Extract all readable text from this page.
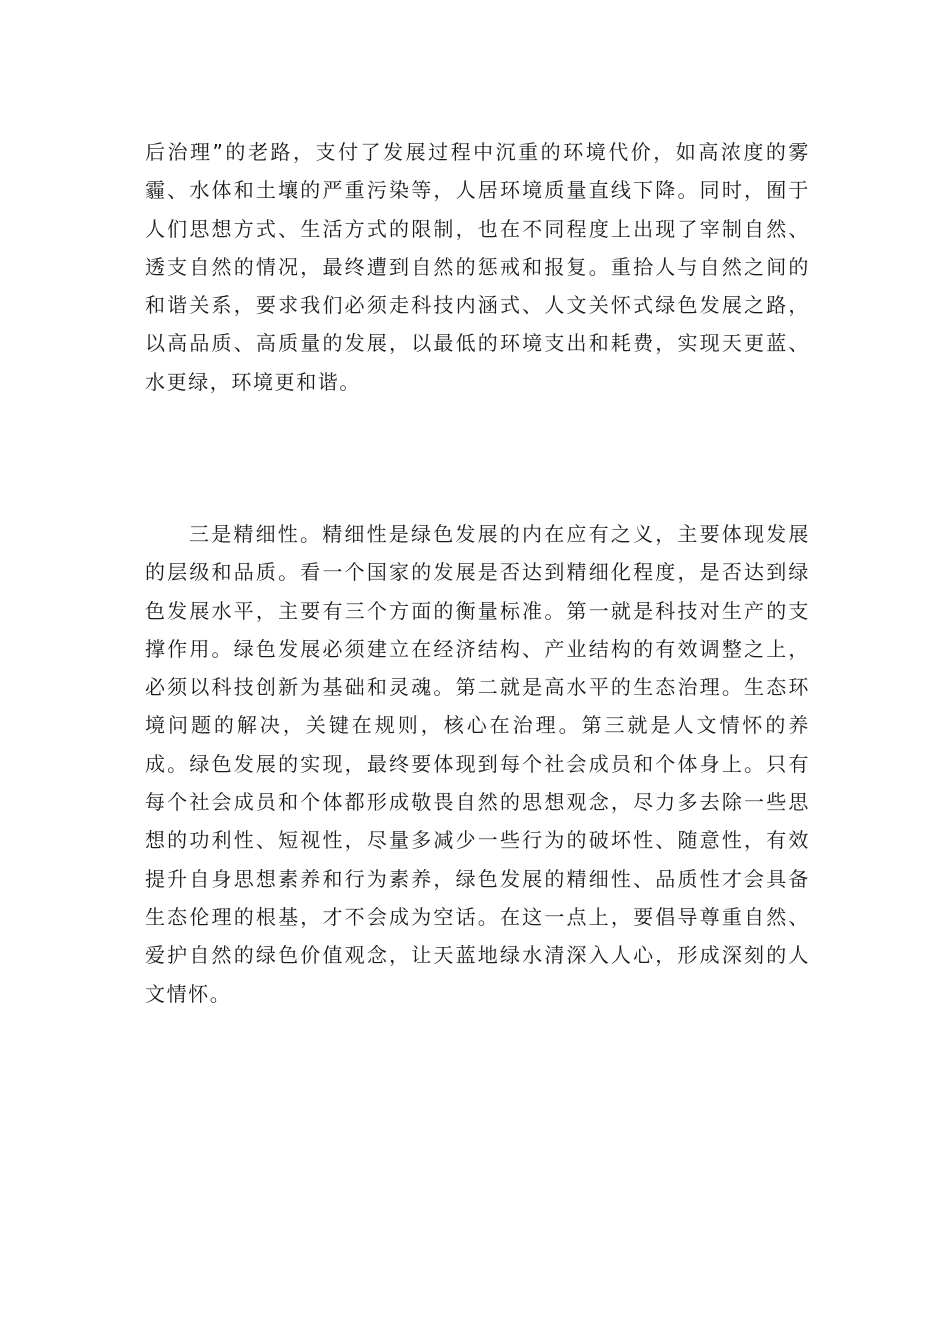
后治理”的老路，支付了发展过程中沉重的环境代价，如高浓度的雾霾、水体和土壤的严重污染等，人居环境质量直线下降。同时，囿于人们思想方式、生活方式的限制，也在不同程度上出现了宰制自然、透支自然的情况，最终遭到自然的惩戒和报复。重拾人与自然之间的和谐关系，要求我们必须走科技内涵式、人文关怀式绿色发展之路，以高品质、高质量的发展，以最低的环境支出和耗费，实现天更蓝、水更绿，环境更和谐。

三是精细性。精细性是绿色发展的内在应有之义，主要体现发展的层级和品质。看一个国家的发展是否达到精细化程度，是否达到绿色发展水平，主要有三个方面的衡量标准。第一就是科技对生产的支撑作用。绿色发展必须建立在经济结构、产业结构的有效调整之上，必须以科技创新为基础和灵魂。第二就是高水平的生态治理。生态环境问题的解决，关键在规则，核心在治理。第三就是人文情怀的养成。绿色发展的实现，最终要体现到每个社会成员和个体身上。只有每个社会成员和个体都形成敬畏自然的思想观念，尽力多去除一些思想的功利性、短视性，尽量多减少一些行为的破坏性、随意性，有效提升自身思想素养和行为素养，绿色发展的精细性、品质性才会具备生态伦理的根基，才不会成为空话。在这一点上，要倡导尊重自然、爱护自然的绿色价值观念，让天蓝地绿水清深入人心，形成深刻的人文情怀。
